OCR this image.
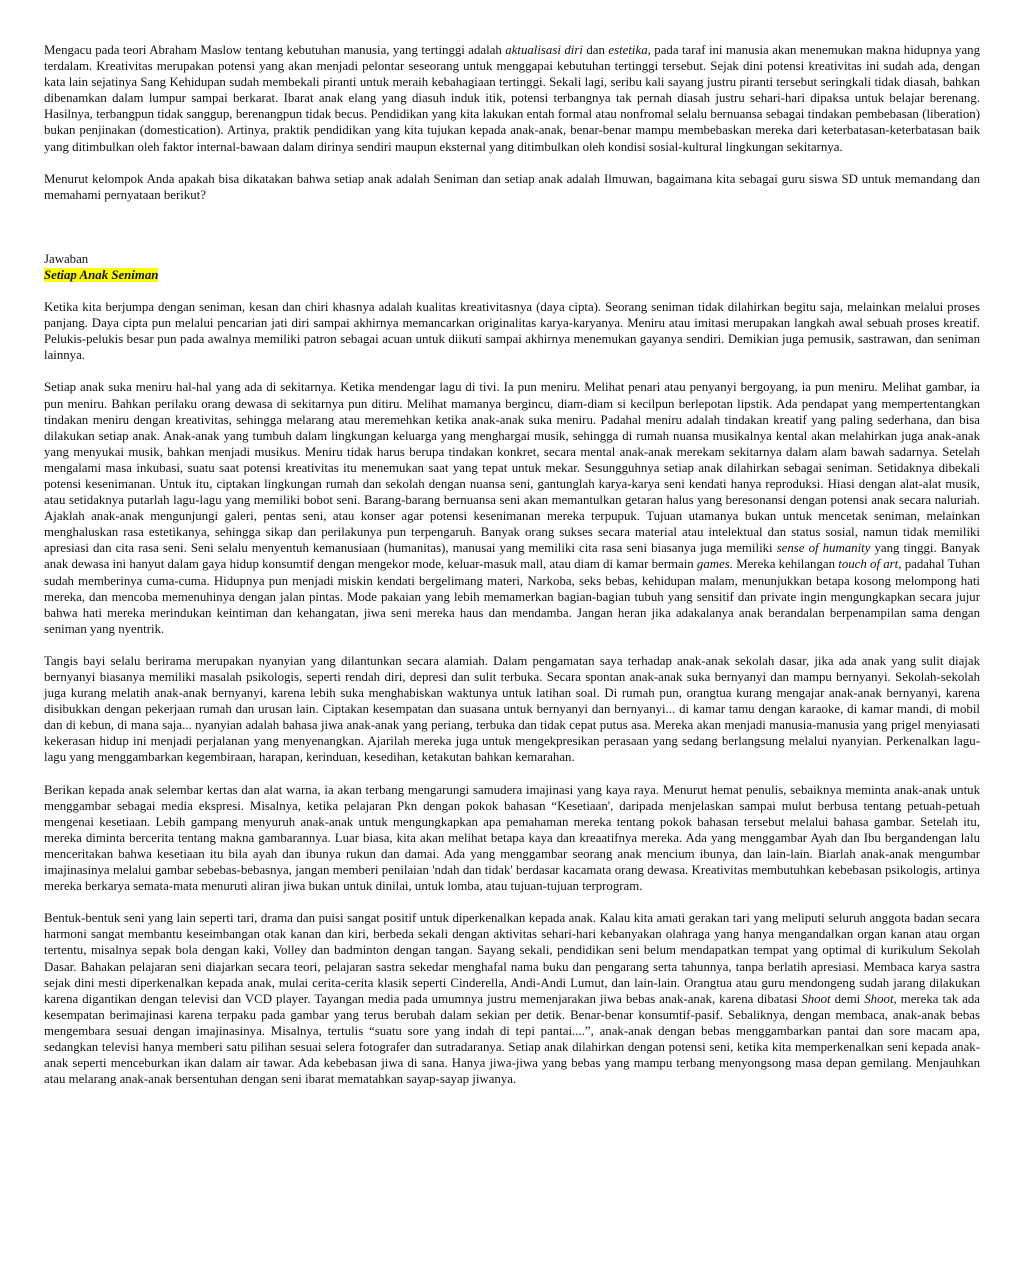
Mengacu pada teori Abraham Maslow tentang kebutuhan manusia, yang tertinggi adalah aktualisasi diri dan estetika, pada taraf ini manusia akan menemukan makna hidupnya yang terdalam. Kreativitas merupakan potensi yang akan menjadi pelontar seseorang untuk menggapai kebutuhan tertinggi tersebut. Sejak dini potensi kreativitas ini sudah ada, dengan kata lain sejatinya Sang Kehidupan sudah membekali piranti untuk meraih kebahagiaan tertinggi. Sekali lagi, seribu kali sayang justru piranti tersebut seringkali tidak diasah, bahkan dibenamkan dalam lumpur sampai berkarat. Ibarat anak elang yang diasuh induk itik, potensi terbangnya tak pernah diasah justru sehari-hari dipaksa untuk belajar berenang. Hasilnya, terbangpun tidak sanggup, berenangpun tidak becus. Pendidikan yang kita lakukan entah formal atau nonfromal selalu bernuansa sebagai tindakan pembebasan (liberation) bukan penjinakan (domestication). Artinya, praktik pendidikan yang kita tujukan kepada anak-anak, benar-benar mampu membebaskan mereka dari keterbatasan-keterbatasan baik yang ditimbulkan oleh faktor internal-bawaan dalam dirinya sendiri maupun eksternal yang ditimbulkan oleh kondisi sosial-kultural lingkungan sekitarnya.

Menurut kelompok Anda apakah bisa dikatakan bahwa setiap anak adalah Seniman dan setiap anak adalah Ilmuwan, bagaimana kita sebagai guru siswa SD untuk memandang dan memahami pernyataan berikut?

Jawaban

Setiap Anak Seniman

Ketika kita berjumpa dengan seniman, kesan dan chiri khasnya adalah kualitas kreativitasnya (daya cipta). Seorang seniman tidak dilahirkan begitu saja, melainkan melalui proses panjang. Daya cipta pun melalui pencarian jati diri sampai akhirnya memancarkan originalitas karya-karyanya. Meniru atau imitasi merupakan langkah awal sebuah proses kreatif. Pelukis-pelukis besar pun pada awalnya memiliki patron sebagai acuan untuk diikuti sampai akhirnya menemukan gayanya sendiri. Demikian juga pemusik, sastrawan, dan seniman lainnya.

Setiap anak suka meniru hal-hal yang ada di sekitarnya. Ketika mendengar lagu di tivi. Ia pun meniru. Melihat penari atau penyanyi bergoyang, ia pun meniru. Melihat gambar, ia pun meniru. Bahkan perilaku orang dewasa di sekitarnya pun ditiru. Melihat mamanya bergincu, diam-diam si kecilpun berlepotan lipstik. Ada pendapat yang mempertentangkan tindakan meniru dengan kreativitas, sehingga melarang atau meremehkan ketika anak-anak suka meniru. Padahal meniru adalah tindakan kreatif yang paling sederhana, dan bisa dilakukan setiap anak. Anak-anak yang tumbuh dalam lingkungan keluarga yang menghargai musik, sehingga di rumah nuansa musikalnya kental akan melahirkan juga anak-anak yang menyukai musik, bahkan menjadi musikus. Meniru tidak harus berupa tindakan konkret, secara mental anak-anak merekam sekitarnya dalam alam bawah sadarnya. Setelah mengalami masa inkubasi, suatu saat potensi kreativitas itu menemukan saat yang tepat untuk mekar. Sesungguhnya setiap anak dilahirkan sebagai seniman. Setidaknya dibekali potensi kesenimanan. Untuk itu, ciptakan lingkungan rumah dan sekolah dengan nuansa seni, gantunglah karya-karya seni kendati hanya reproduksi. Hiasi dengan alat-alat musik, atau setidaknya putarlah lagu-lagu yang memiliki bobot seni. Barang-barang bernuansa seni akan memantulkan getaran halus yang beresonansi dengan potensi anak secara naluriah. Ajaklah anak-anak mengunjungi galeri, pentas seni, atau konser agar potensi kesenimanan mereka terpupuk. Tujuan utamanya bukan untuk mencetak seniman, melainkan menghaluskan rasa estetikanya, sehingga sikap dan perilakunya pun terpengaruh. Banyak orang sukses secara material atau intelektual dan status sosial, namun tidak memiliki apresiasi dan cita rasa seni. Seni selalu menyentuh kemanusiaan (humanitas), manusai yang memiliki cita rasa seni biasanya juga memiliki sense of humanity yang tinggi. Banyak anak dewasa ini hanyut dalam gaya hidup konsumtif dengan mengekor mode, keluar-masuk mall, atau diam di kamar bermain games. Mereka kehilangan touch of art, padahal Tuhan sudah memberinya cuma-cuma. Hidupnya pun menjadi miskin kendati bergelimang materi, Narkoba, seks bebas, kehidupan malam, menunjukkan betapa kosong melompong hati mereka, dan mencoba memenuhinya dengan jalan pintas. Mode pakaian yang lebih memamerkan bagian-bagian tubuh yang sensitif dan private ingin mengungkapkan secara jujur bahwa hati mereka merindukan keintiman dan kehangatan, jiwa seni mereka haus dan mendamba. Jangan heran jika adakalanya anak berandalan berpenampilan sama dengan seniman yang nyentrik.

Tangis bayi selalu berirama merupakan nyanyian yang dilantunkan secara alamiah. Dalam pengamatan saya terhadap anak-anak sekolah dasar, jika ada anak yang sulit diajak bernyanyi biasanya memiliki masalah psikologis, seperti rendah diri, depresi dan sulit terbuka. Secara spontan anak-anak suka bernyanyi dan mampu bernyanyi. Sekolah-sekolah juga kurang melatih anak-anak bernyanyi, karena lebih suka menghabiskan waktunya untuk latihan soal. Di rumah pun, orangtua kurang mengajar anak-anak bernyanyi, karena disibukkan dengan pekerjaan rumah dan urusan lain. Ciptakan kesempatan dan suasana untuk bernyanyi dan bernyanyi... di kamar tamu dengan karaoke, di kamar mandi, di mobil dan di kebun, di mana saja... nyanyian adalah bahasa jiwa anak-anak yang periang, terbuka dan tidak cepat putus asa. Mereka akan menjadi manusia-manusia yang prigel menyiasati kekerasan hidup ini menjadi perjalanan yang menyenangkan. Ajarilah mereka juga untuk mengekpresikan perasaan yang sedang berlangsung melalui nyanyian. Perkenalkan lagu-lagu yang menggambarkan kegembiraan, harapan, kerinduan, kesedihan, ketakutan bahkan kemarahan.

Berikan kepada anak selembar kertas dan alat warna, ia akan terbang mengarungi samudera imajinasi yang kaya raya. Menurut hemat penulis, sebaiknya meminta anak-anak untuk menggambar sebagai media ekspresi. Misalnya, ketika pelajaran Pkn dengan pokok bahasan “Kesetiaan', daripada menjelaskan sampai mulut berbusa tentang petuah-petuah mengenai kesetiaan. Lebih gampang menyuruh anak-anak untuk mengungkapkan apa pemahaman mereka tentang pokok bahasan tersebut melalui bahasa gambar. Setelah itu, mereka diminta bercerita tentang makna gambarannya. Luar biasa, kita akan melihat betapa kaya dan kreaatifnya mereka. Ada yang menggambar Ayah dan Ibu bergandengan lalu menceritakan bahwa kesetiaan itu bila ayah dan ibunya rukun dan damai. Ada yang menggambar seorang anak mencium ibunya, dan lain-lain. Biarlah anak-anak mengumbar imajinasinya melalui gambar sebebas-bebasnya, jangan memberi penilaian 'ndah dan tidak' berdasar kacamata orang dewasa. Kreativitas membutuhkan kebebasan psikologis, artinya mereka berkarya semata-mata menuruti aliran jiwa bukan untuk dinilai, untuk lomba, atau tujuan-tujuan terprogram.

Bentuk-bentuk seni yang lain seperti tari, drama dan puisi sangat positif untuk diperkenalkan kepada anak. Kalau kita amati gerakan tari yang meliputi seluruh anggota badan secara harmoni sangat membantu keseimbangan otak kanan dan kiri, berbeda sekali dengan aktivitas sehari-hari kebanyakan olahraga yang hanya mengandalkan organ kanan atau organ tertentu, misalnya sepak bola dengan kaki, Volley dan badminton dengan tangan. Sayang sekali, pendidikan seni belum mendapatkan tempat yang optimal di kurikulum Sekolah Dasar. Bahakan pelajaran seni diajarkan secara teori, pelajaran sastra sekedar menghafal nama buku dan pengarang serta tahunnya, tanpa berlatih apresiasi. Membaca karya sastra sejak dini mesti diperkenalkan kepada anak, mulai cerita-cerita klasik seperti Cinderella, Andi-Andi Lumut, dan lain-lain. Orangtua atau guru mendongeng sudah jarang dilakukan karena digantikan dengan televisi dan VCD player. Tayangan media pada umumnya justru memenjarakan jiwa bebas anak-anak, karena dibatasi Shoot demi Shoot, mereka tak ada kesempatan berimajinasi karena terpaku pada gambar yang terus berubah dalam sekian per detik. Benar-benar konsumtif-pasif. Sebaliknya, dengan membaca, anak-anak bebas mengembara sesuai dengan imajinasinya. Misalnya, tertulis “suatu sore yang indah di tepi pantai....”, anak-anak dengan bebas menggambarkan pantai dan sore macam apa, sedangkan televisi hanya memberi satu pilihan sesuai selera fotografer dan sutradaranya. Setiap anak dilahirkan dengan potensi seni, ketika kita memperkenalkan seni kepada anak-anak seperti menceburkan ikan dalam air tawar. Ada kebebasan jiwa di sana. Hanya jiwa-jiwa yang bebas yang mampu terbang menyongsong masa depan gemilang. Menjauhkan atau melarang anak-anak bersentuhan dengan seni ibarat mematahkan sayap-sayap jiwanya.
